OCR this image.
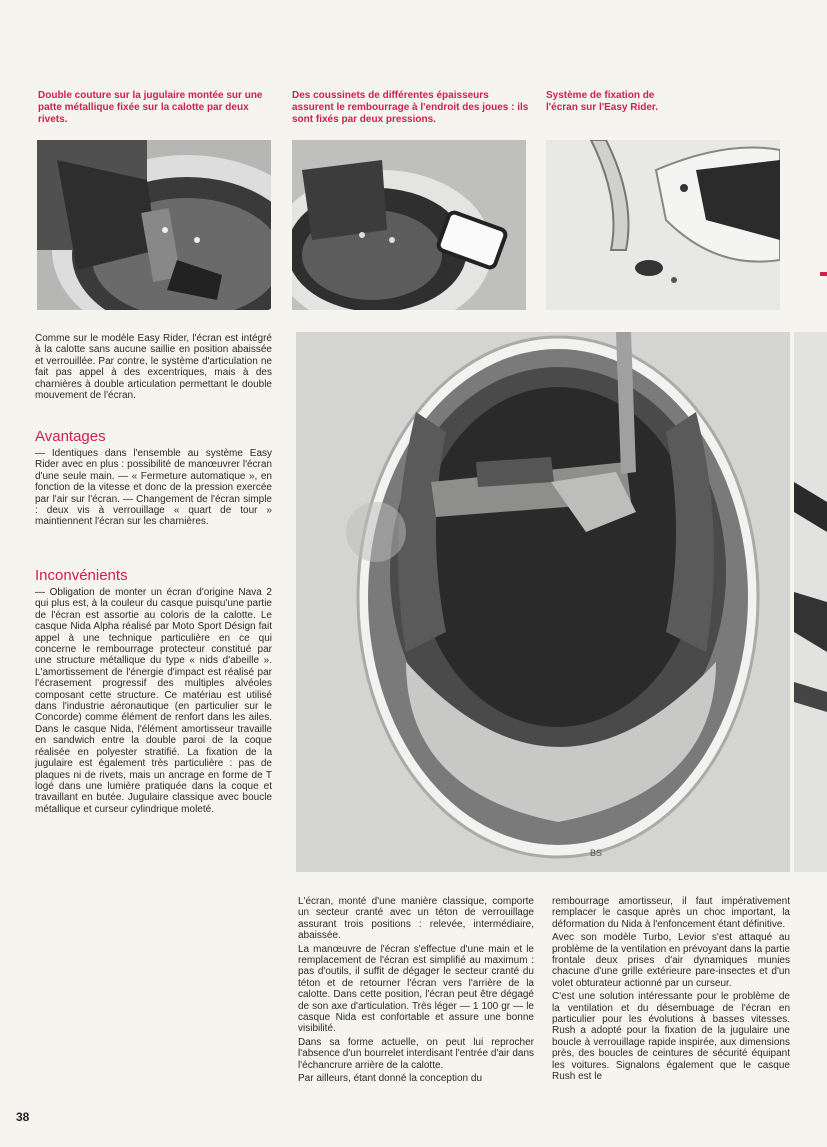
Double couture sur la jugulaire montée sur une patte métallique fixée sur la calotte par deux rivets.
Des coussinets de différentes épaisseurs assurent le rembourrage à l'endroit des joues : ils sont fixés par deux pressions.
Système de fixation de l'écran sur l'Easy Rider.
BS
Comme sur le modèle Easy Rider, l'écran est intégré à la calotte sans aucune saillie en position abaissée et verrouillée. Par contre, le système d'articulation ne fait pas appel à des excentriques, mais à des charnières à double articulation permettant le double mouvement de l'écran.
Avantages
— Identiques dans l'ensemble au système Easy Rider avec en plus : possibilité de manœuvrer l'écran d'une seule main. — « Fermeture automatique », en fonction de la vitesse et donc de la pression exercée par l'air sur l'écran. — Changement de l'écran simple : deux vis à verrouillage « quart de tour » maintiennent l'écran sur les charnières.
Inconvénients
— Obligation de monter un écran d'origine Nava 2 qui plus est, à la couleur du casque puisqu'une partie de l'écran est assortie au coloris de la calotte. Le casque Nida Alpha réalisé par Moto Sport Désign fait appel à une technique particulière en ce qui concerne le rembourrage protecteur constitué par une structure métallique du type « nids d'abeille ». L'amortissement de l'énergie d'impact est réalisé par l'écrasement progressif des multiples alvéoles composant cette structure. Ce matériau est utilisé dans l'industrie aéronautique (en particulier sur le Concorde) comme élément de renfort dans les ailes. Dans le casque Nida, l'élément amortisseur travaille en sandwich entre la double paroi de la coque réalisée en polyester stratifié. La fixation de la jugulaire est également très particulière : pas de plaques ni de rivets, mais un ancrage en forme de T logé dans une lumière pratiquée dans la coque et travaillant en butée. Jugulaire classique avec boucle métallique et curseur cylindrique moleté.

L'écran, monté d'une manière classique, comporte un secteur cranté avec un téton de verrouillage assurant trois positions : relevée, intermédiaire, abaissée.

La manœuvre de l'écran s'effectue d'une main et le remplacement de l'écran est simplifié au maximum : pas d'outils, il suffit de dégager le secteur cranté du téton et de retourner l'écran vers l'arrière de la calotte. Dans cette position, l'écran peut être dégagé de son axe d'articulation. Très léger — 1 100 gr — le casque Nida est confortable et assure une bonne visibilité.

Dans sa forme actuelle, on peut lui reprocher l'absence d'un bourrelet interdisant l'entrée d'air dans l'échancrure arrière de la calotte.

Par ailleurs, étant donné la conception du

rembourrage amortisseur, il faut impérativement remplacer le casque après un choc important, la déformation du Nida à l'enfoncement étant définitive.

Avec son modèle Turbo, Levior s'est attaqué au problème de la ventilation en prévoyant dans la partie frontale deux prises d'air dynamiques munies chacune d'une grille extérieure pare-insectes et d'un volet obturateur actionné par un curseur.

C'est une solution intéressante pour le problème de la ventilation et du désembuage de l'écran en particulier pour les évolutions à basses vitesses. Rush a adopté pour la fixation de la jugulaire une boucle à verrouillage rapide inspirée, aux dimensions près, des boucles de ceintures de sécurité équipant les voitures. Signalons également que le casque Rush est le

38
